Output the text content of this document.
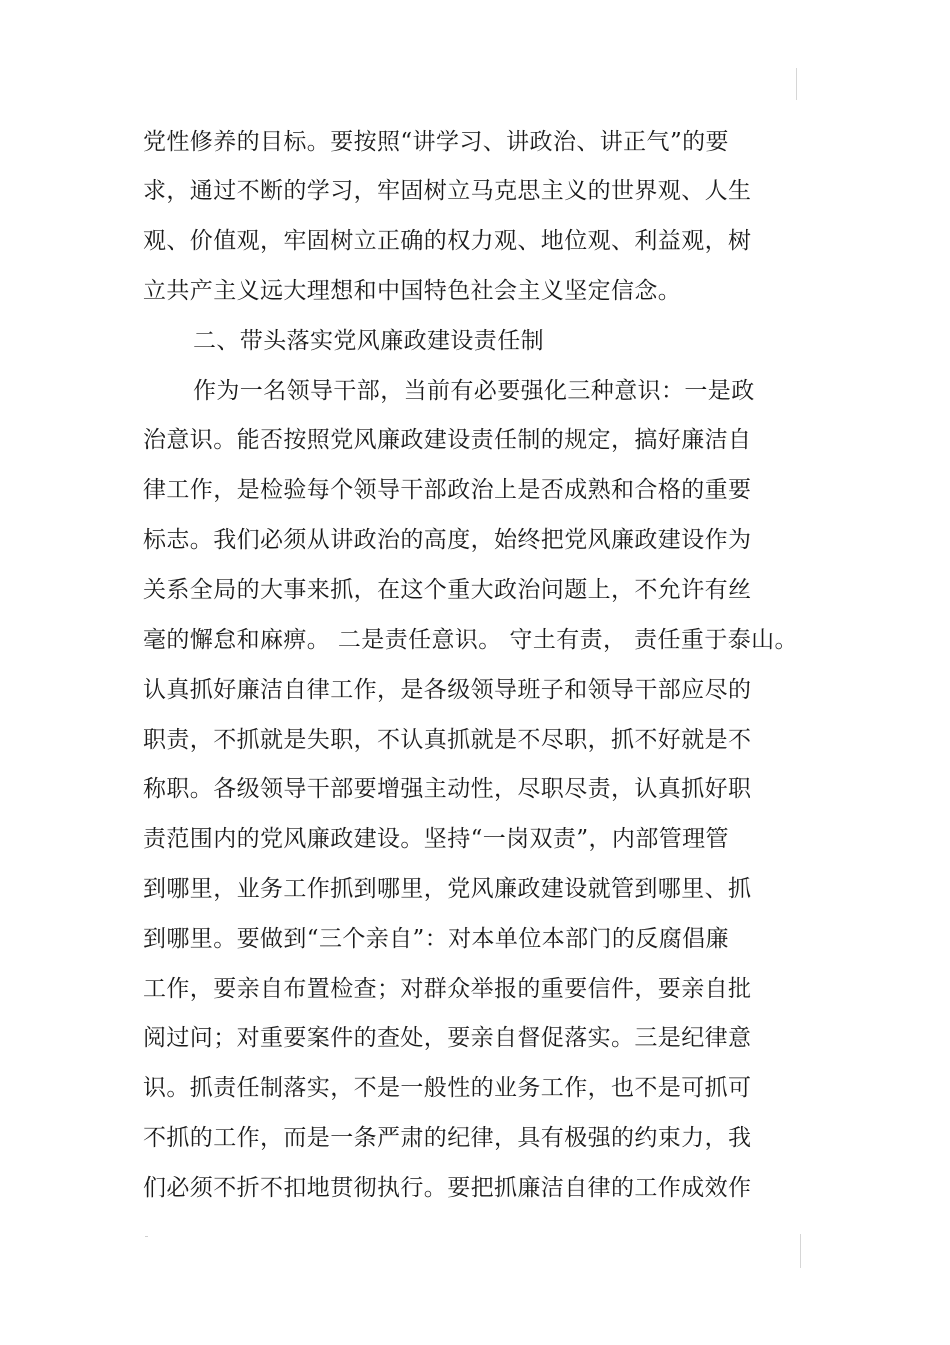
党性修养的目标。要按照“讲学习、讲政治、讲正气”的要
求，通过不断的学习，牢固树立马克思主义的世界观、人生
观、价值观，牢固树立正确的权力观、地位观、利益观，树
立共产主义远大理想和中国特色社会主义坚定信念。
二、带头落实党风廉政建设责任制
作为一名领导干部，当前有必要强化三种意识：一是政
治意识。能否按照党风廉政建设责任制的规定，搞好廉洁自
律工作，是检验每个领导干部政治上是否成熟和合格的重要
标志。我们必须从讲政治的高度，始终把党风廉政建设作为
关系全局的大事来抓，在这个重大政治问题上，不允许有丝
毫的懈怠和麻痹。 二是责任意识。 守土有责， 责任重于泰山。
认真抓好廉洁自律工作，是各级领导班子和领导干部应尽的
职责，不抓就是失职，不认真抓就是不尽职，抓不好就是不
称职。各级领导干部要增强主动性，尽职尽责，认真抓好职
责范围内的党风廉政建设。坚持“一岗双责”，内部管理管
到哪里，业务工作抓到哪里，党风廉政建设就管到哪里、抓
到哪里。要做到“三个亲自”：对本单位本部门的反腐倡廉
工作，要亲自布置检查；对群众举报的重要信件，要亲自批
阅过问；对重要案件的查处，要亲自督促落实。三是纪律意
识。抓责任制落实，不是一般性的业务工作，也不是可抓可
不抓的工作，而是一条严肃的纪律，具有极强的约束力，我
们必须不折不扣地贯彻执行。要把抓廉洁自律的工作成效作
